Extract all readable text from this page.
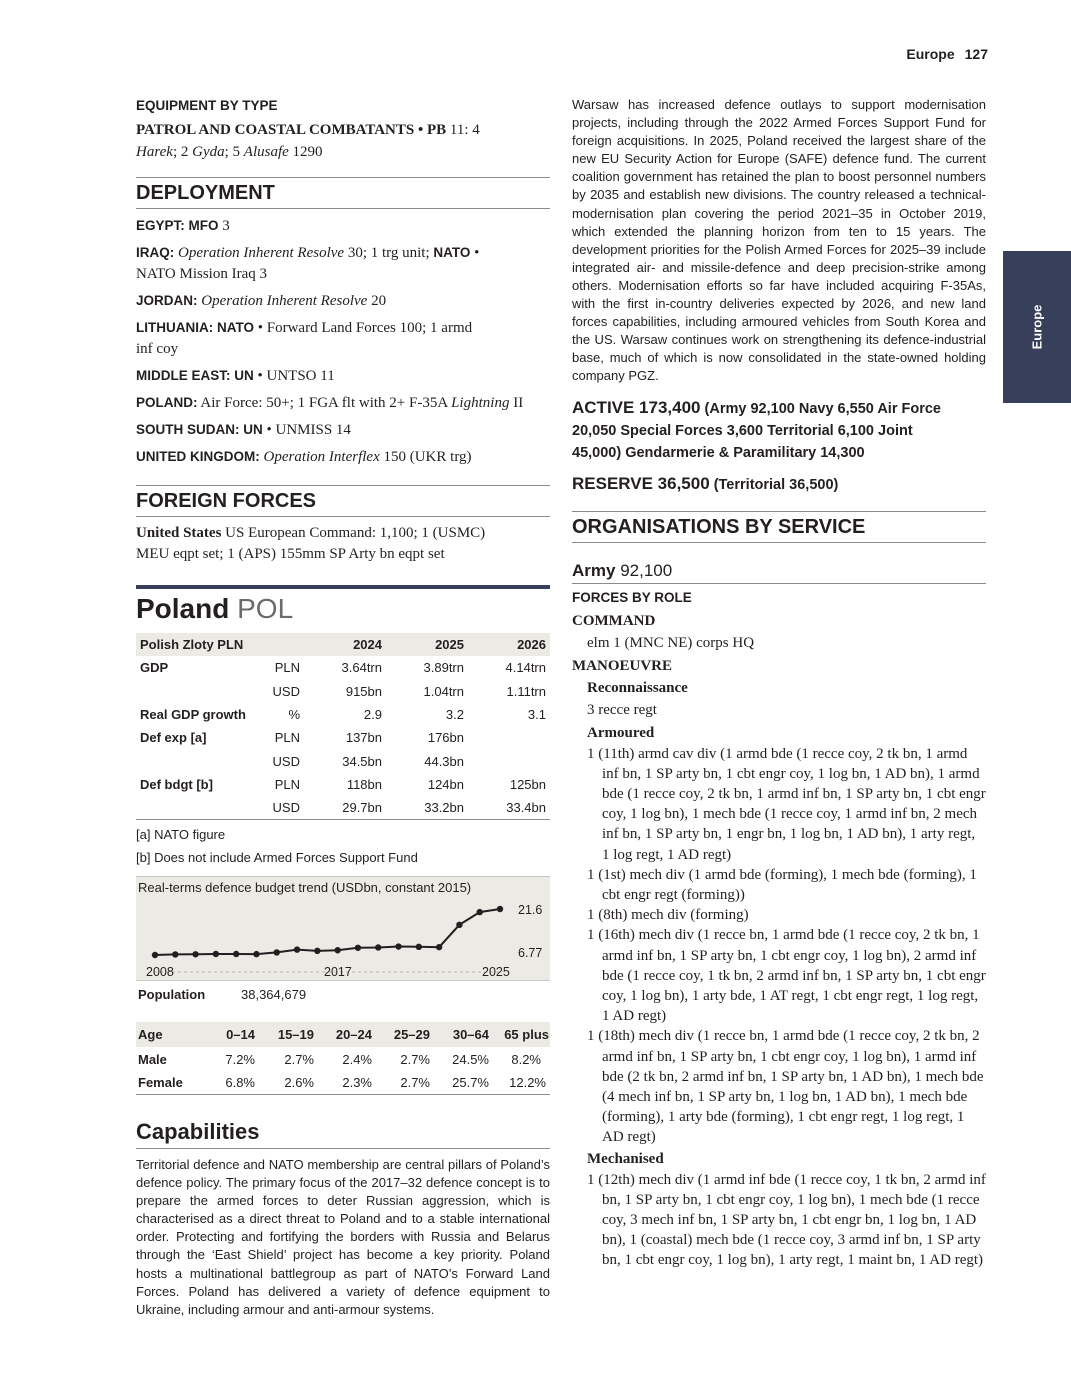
Europe 127
Europe
EQUIPMENT BY TYPE
PATROL AND COASTAL COMBATANTS • PB 11: 4
Harek; 2 Gyda; 5 Alusafe 1290
DEPLOYMENT
EGYPT: MFO 3
IRAQ: Operation Inherent Resolve 30; 1 trg unit; NATO •
NATO Mission Iraq 3
JORDAN: Operation Inherent Resolve 20
LITHUANIA: NATO • Forward Land Forces 100; 1 armd
inf coy
MIDDLE EAST: UN • UNTSO 11
POLAND: Air Force: 50+; 1 FGA flt with 2+ F-35A Lightning II
SOUTH SUDAN: UN • UNMISS 14
UNITED KINGDOM: Operation Interflex 150 (UKR trg)
FOREIGN FORCES
United States US European Command: 1,100; 1 (USMC)
MEU eqpt set; 1 (APS) 155mm SP Arty bn eqpt set
Poland POL
Polish Zloty PLN		2024	2025	2026
GDP	PLN	3.64trn	3.89trn	4.14trn
	USD	915bn	1.04trn	1.11trn
Real GDP growth	%	2.9	3.2	3.1
Def exp [a]	PLN	137bn	176bn	
	USD	34.5bn	44.3bn	
Def bdgt [b]	PLN	118bn	124bn	125bn
	USD	29.7bn	33.2bn	33.4bn
[a] NATO figure
[b] Does not include Armed Forces Support Fund
Real-terms defence budget trend (USDbn, constant 2015)
21.6
6.77
2008	2017	2025
Population	38,364,679
Age	0–14	15–19	20–24	25–29	30–64	65 plus
Male	7.2%	2.7%	2.4%	2.7%	24.5%	8.2%
Female	6.8%	2.6%	2.3%	2.7%	25.7%	12.2%
Capabilities
Territorial defence and NATO membership are central pillars of Poland’s defence policy. The primary focus of the 2017–32 defence concept is to prepare the armed forces to deter Russian aggression, which is characterised as a direct threat to Poland and to a stable international order. Protecting and fortifying the borders with Russia and Belarus through the ‘East Shield’ project has become a key priority. Poland hosts a multinational battlegroup as part of NATO’s Forward Land Forces. Poland has delivered a variety of defence equipment to Ukraine, including armour and anti-armour systems.
Warsaw has increased defence outlays to support modernisation projects, including through the 2022 Armed Forces Support Fund for foreign acquisitions. In 2025, Poland received the largest share of the new EU Security Action for Europe (SAFE) defence fund. The current coalition government has retained the plan to boost personnel numbers by 2035 and establish new divisions. The country released a technical-modernisation plan covering the period 2021–35 in October 2019, which extended the planning horizon from ten to 15 years. The development priorities for the Polish Armed Forces for 2025–39 include integrated air- and missile-defence and deep precision-strike among others. Modernisation efforts so far have included acquiring F-35As, with the first in-country deliveries expected by 2026, and new land forces capabilities, including armoured vehicles from South Korea and the US. Warsaw continues work on strengthening its defence-industrial base, much of which is now consolidated in the state-owned holding company PGZ.
ACTIVE 173,400 (Army 92,100 Navy 6,550 Air Force
20,050 Special Forces 3,600 Territorial 6,100 Joint
45,000) Gendarmerie & Paramilitary 14,300
RESERVE 36,500 (Territorial 36,500)
ORGANISATIONS BY SERVICE
Army 92,100
FORCES BY ROLE
COMMAND
elm 1 (MNC NE) corps HQ
MANOEUVRE
Reconnaissance
3 recce regt
Armoured
1 (11th) armd cav div (1 armd bde (1 recce coy, 2 tk bn, 1 armd inf bn, 1 SP arty bn, 1 cbt engr coy, 1 log bn, 1 AD bn), 1 armd bde (1 recce coy, 2 tk bn, 1 armd inf bn, 1 SP arty bn, 1 cbt engr coy, 1 log bn), 1 mech bde (1 recce coy, 1 armd inf bn, 2 mech inf bn, 1 SP arty bn, 1 engr bn, 1 log bn, 1 AD bn), 1 arty regt, 1 log regt, 1 AD regt)
1 (1st) mech div (1 armd bde (forming), 1 mech bde (forming), 1 cbt engr regt (forming))
1 (8th) mech div (forming)
1 (16th) mech div (1 recce bn, 1 armd bde (1 recce coy, 2 tk bn, 1 armd inf bn, 1 SP arty bn, 1 cbt engr coy, 1 log bn), 2 armd inf bde (1 recce coy, 1 tk bn, 2 armd inf bn, 1 SP arty bn, 1 cbt engr coy, 1 log bn), 1 arty bde, 1 AT regt, 1 cbt engr regt, 1 log regt, 1 AD regt)
1 (18th) mech div (1 recce bn, 1 armd bde (1 recce coy, 2 tk bn, 2 armd inf bn, 1 SP arty bn, 1 cbt engr coy, 1 log bn), 1 armd inf bde (2 tk bn, 2 armd inf bn, 1 SP arty bn, 1 AD bn), 1 mech bde (4 mech inf bn, 1 SP arty bn, 1 log bn, 1 AD bn), 1 mech bde (forming), 1 arty bde (forming), 1 cbt engr regt, 1 log regt, 1 AD regt)
Mechanised
1 (12th) mech div (1 armd inf bde (1 recce coy, 1 tk bn, 2 armd inf bn, 1 SP arty bn, 1 cbt engr coy, 1 log bn), 1 mech bde (1 recce coy, 3 mech inf bn, 1 SP arty bn, 1 cbt engr bn, 1 log bn, 1 AD bn), 1 (coastal) mech bde (1 recce coy, 3 armd inf bn, 1 SP arty bn, 1 cbt engr coy, 1 log bn), 1 arty regt, 1 maint bn, 1 AD regt)
